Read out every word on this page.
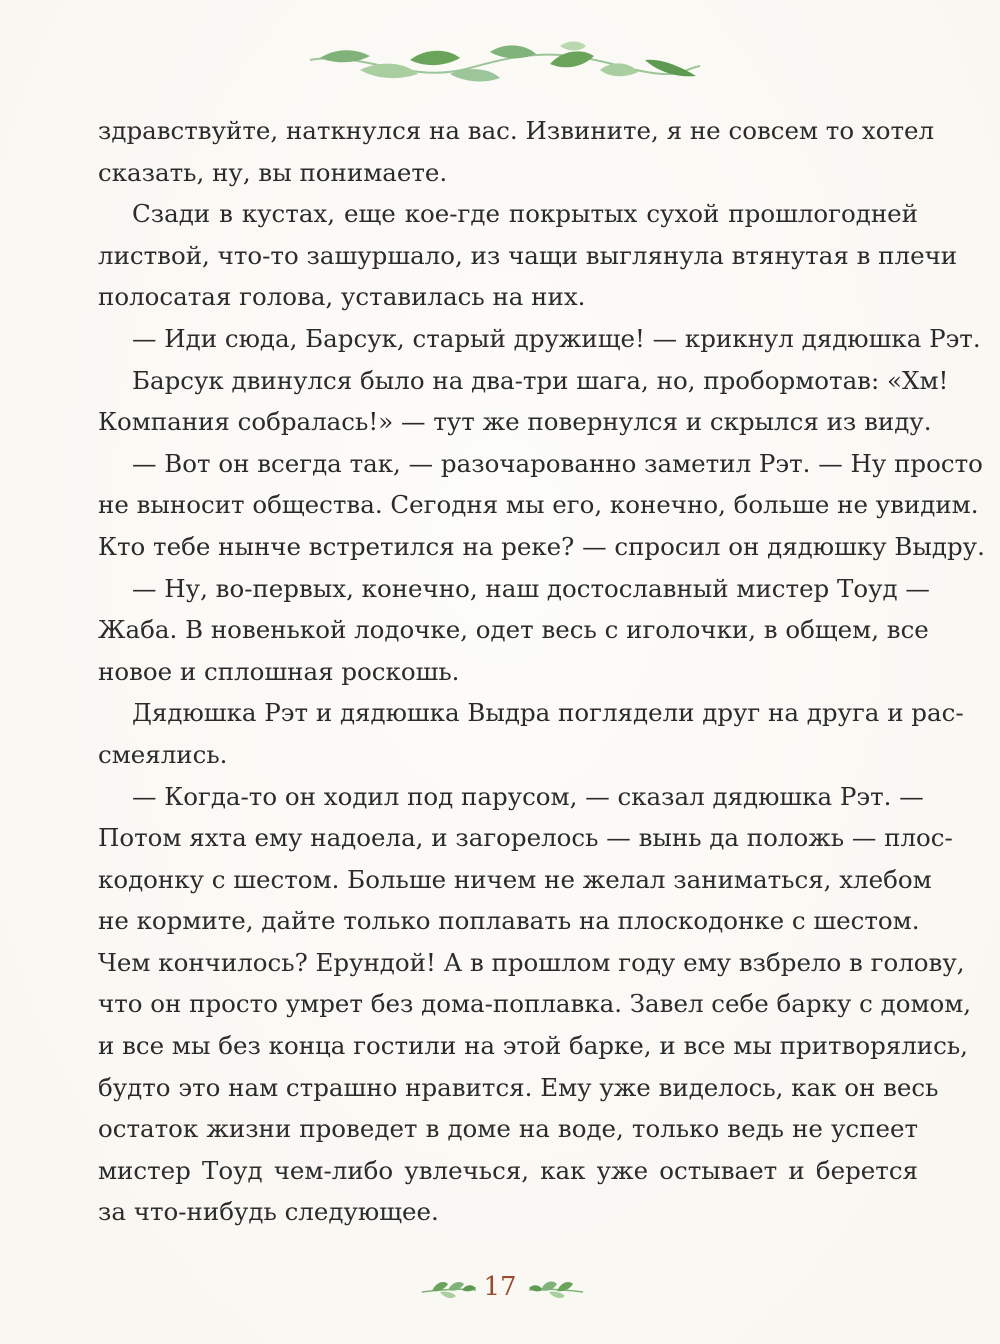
здравствуйте, наткнулся на вас. Извините, я не совсем то хотел
сказать, ну, вы понимаете.
Сзади в кустах, еще кое-где покрытых сухой прошлогодней
листвой, что-то зашуршало, из чащи выглянула втянутая в плечи
полосатая голова, уставилась на них.
— Иди сюда, Барсук, старый дружище! — крикнул дядюшка Рэт.
Барсук двинулся было на два-три шага, но, пробормотав: «Хм!
Компания собралась!» — тут же повернулся и скрылся из виду.
— Вот он всегда так, — разочарованно заметил Рэт. — Ну просто
не выносит общества. Сегодня мы его, конечно, больше не увидим.
Кто тебе нынче встретился на реке? — спросил он дядюшку Выдру.
— Ну, во-первых, конечно, наш достославный мистер Тоуд —
Жаба. В новенькой лодочке, одет весь с иголочки, в общем, все
новое и сплошная роскошь.
Дядюшка Рэт и дядюшка Выдра поглядели друг на друга и рас-
смеялись.
— Когда-то он ходил под парусом, — сказал дядюшка Рэт. —
Потом яхта ему надоела, и загорелось — вынь да положь — плос-
кодонку с шестом. Больше ничем не желал заниматься, хлебом
не кормите, дайте только поплавать на плоскодонке с шестом.
Чем кончилось? Ерундой! А в прошлом году ему взбрело в голову,
что он просто умрет без дома-поплавка. Завел себе барку с домом,
и все мы без конца гостили на этой барке, и все мы притворялись,
будто это нам страшно нравится. Ему уже виделось, как он весь
остаток жизни проведет в доме на воде, только ведь не успеет
мистер Тоуд чем-либо увлечься, как уже остывает и берется
за что-нибудь следующее.
17
